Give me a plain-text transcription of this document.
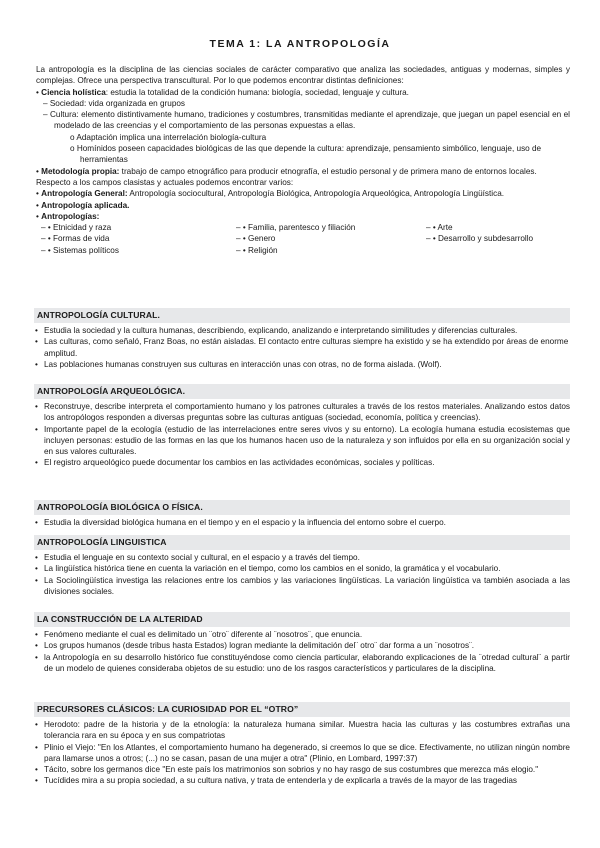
TEMA 1: LA ANTROPOLOGÍA

La antropología es la disciplina de las ciencias sociales de carácter comparativo que analiza las sociedades, antiguas y modernas, simples y complejas. Ofrece una perspectiva transcultural. Por lo que podemos encontrar distintas definiciones:

• Ciencia holística: estudia la totalidad de la condición humana: biología, sociedad, lenguaje y cultura.

– Sociedad: vida organizada en grupos

– Cultura: elemento distintivamente humano, tradiciones y costumbres, transmitidas mediante el aprendizaje, que juegan un papel esencial en el modelado de las creencias y el comportamiento de las personas expuestas a ellas.

o Adaptación implica una interrelación biología-cultura

o Homínidos poseen capacidades biológicas de las que depende la cultura: aprendizaje, pensamiento simbólico, lenguaje, uso de herramientas

• Metodología propia: trabajo de campo etnográfico para producir etnografía, el estudio personal y de primera mano de entornos locales.

Respecto a los campos clasistas y actuales podemos encontrar varios:

• Antropología General: Antropología sociocultural, Antropología Biológica, Antropología Arqueológica, Antropología Lingüística.

• Antropología aplicada.

• Antropologías:

– • Etnicidad y raza	– • Familia, parentesco y filiación	– • Arte
– • Formas de vida	– • Genero	– • Desarrollo y subdesarrollo
– • Sistemas políticos	– • Religión
ANTROPOLOGÍA CULTURAL.
• Estudia la sociedad y la cultura humanas, describiendo, explicando, analizando e interpretando similitudes y diferencias culturales.
• Las culturas, como señaló, Franz Boas, no están aisladas. El contacto entre culturas siempre ha existido y se ha extendido por áreas de enorme amplitud.
• Las poblaciones humanas construyen sus culturas en interacción unas con otras, no de forma aislada. (Wolf).
ANTROPOLOGÍA ARQUEOLÓGICA.
• Reconstruye, describe interpreta el comportamiento humano y los patrones culturales a través de los restos materiales. Analizando estos datos los antropólogos responden a diversas preguntas sobre las culturas antiguas (sociedad, economía, política y creencias).
• Importante papel de la ecología (estudio de las interrelaciones entre seres vivos y su entorno). La ecología humana estudia ecosistemas que incluyen personas: estudio de las formas en las que los humanos hacen uso de la naturaleza y son influidos por ella en su organización social y en sus valores culturales.
• El registro arqueológico puede documentar los cambios en las actividades económicas, sociales y políticas.
ANTROPOLOGÍA BIOLÓGICA O FÍSICA.
• Estudia la diversidad biológica humana en el tiempo y en el espacio y la influencia del entorno sobre el cuerpo.
ANTROPOLOGÍA LINGUISTICA
• Estudia el lenguaje en su contexto social y cultural, en el espacio y a través del tiempo.
• La lingüística histórica tiene en cuenta la variación en el tiempo, como los cambios en el sonido, la gramática y el vocabulario.
• La Sociolingüística investiga las relaciones entre los cambios y las variaciones lingüísticas. La variación lingüística va también asociada a las divisiones sociales.
LA CONSTRUCCIÓN DE LA ALTERIDAD
• Fenómeno mediante el cual es delimitado un ¨otro¨ diferente al ¨nosotros¨, que enuncia.
• Los grupos humanos (desde tribus hasta Estados) logran mediante la delimitación del¨ otro¨ dar forma a un ¨nosotros¨.
• la Antropología en su desarrollo histórico fue constituyéndose como ciencia particular, elaborando explicaciones de la ¨otredad cultural¨ a partir de un modelo de quienes consideraba objetos de su estudio: uno de los rasgos característicos y particulares de la disciplina.
PRECURSORES CLÁSICOS: LA CURIOSIDAD POR EL “OTRO”
• Herodoto: padre de la historia y de la etnología: la naturaleza humana similar. Muestra hacia las culturas y las costumbres extrañas una tolerancia rara en su época y en sus compatriotas
• Plinio el Viejo: "En los Atlantes, el comportamiento humano ha degenerado, si creemos lo que se dice. Efectivamente, no utilizan ningún nombre para llamarse unos a otros; (...) no se casan, pasan de una mujer a otra" (Plinio, en Lombard, 1997:37)
• Tácito, sobre los germanos dice "En este país los matrimonios son sobrios y no hay rasgo de sus costumbres que merezca más elogio."
• Tucídides mira a su propia sociedad, a su cultura nativa, y trata de entenderla y de explicarla a través de la mayor de las tragedias
